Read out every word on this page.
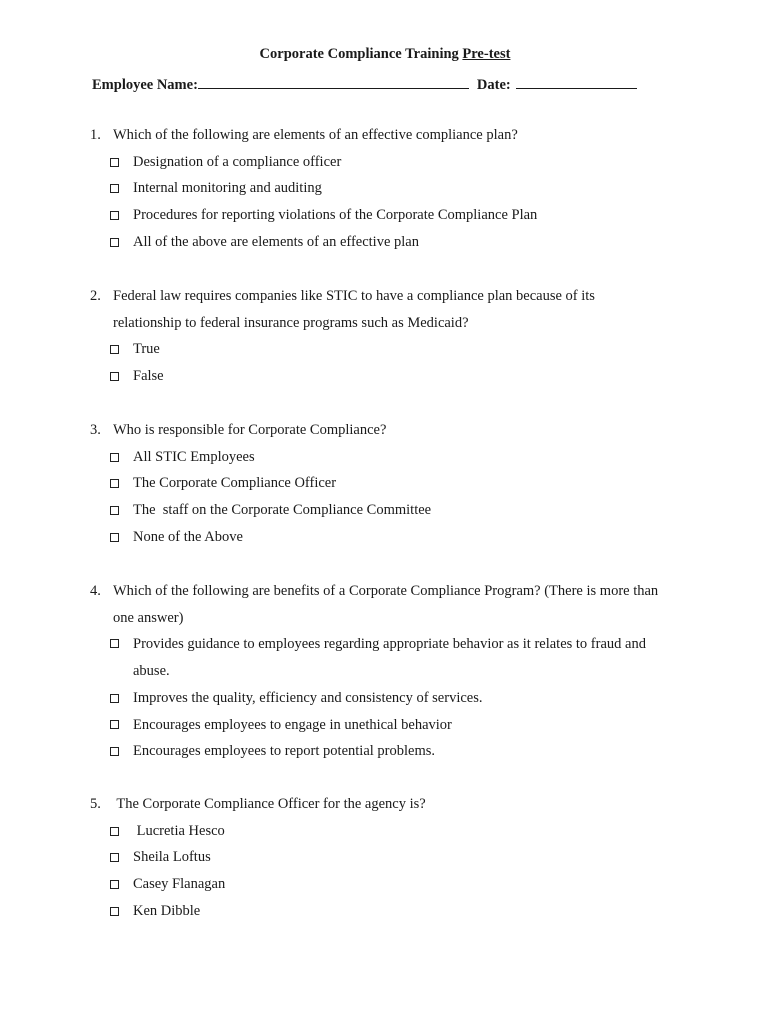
Corporate Compliance Training Pre-test
Employee Name:	Date:
1. Which of the following are elements of an effective compliance plan?
Designation of a compliance officer
Internal monitoring and auditing
Procedures for reporting violations of the Corporate Compliance Plan
All of the above are elements of an effective plan
2. Federal law requires companies like STIC to have a compliance plan because of its relationship to federal insurance programs such as Medicaid?
True
False
3. Who is responsible for Corporate Compliance?
All STIC Employees
The Corporate Compliance Officer
The  staff on the Corporate Compliance Committee
None of the Above
4. Which of the following are benefits of a Corporate Compliance Program? (There is more than one answer)
Provides guidance to employees regarding appropriate behavior as it relates to fraud and abuse.
Improves the quality, efficiency and consistency of services.
Encourages employees to engage in unethical behavior
Encourages employees to report potential problems.
5. The Corporate Compliance Officer for the agency is?
Lucretia Hesco
Sheila Loftus
Casey Flanagan
Ken Dibble
